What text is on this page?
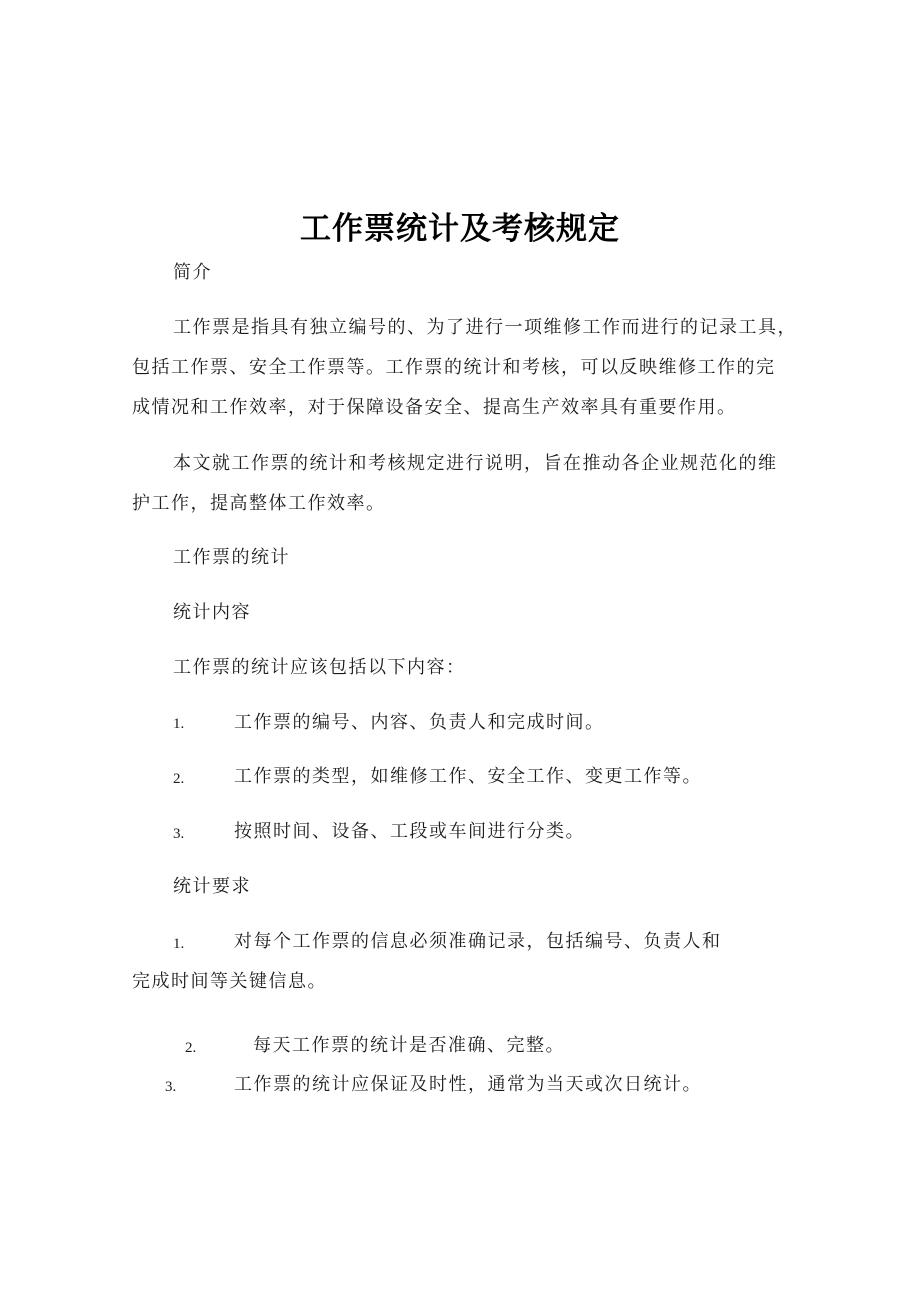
工作票统计及考核规定
简介
工作票是指具有独立编号的、为了进行一项维修工作而进行的记录工具，
包括工作票、安全工作票等。工作票的统计和考核，可以反映维修工作的完
成情况和工作效率，对于保障设备安全、提高生产效率具有重要作用。
本文就工作票的统计和考核规定进行说明，旨在推动各企业规范化的维
护工作，提高整体工作效率。
工作票的统计
统计内容
工作票的统计应该包括以下内容：
1.	工作票的编号、内容、负责人和完成时间。
2.	工作票的类型，如维修工作、安全工作、变更工作等。
3.	按照时间、设备、工段或车间进行分类。
统计要求
1.	对每个工作票的信息必须准确记录，包括编号、负责人和
完成时间等关键信息。
2.	每天工作票的统计是否准确、完整。
3.	工作票的统计应保证及时性，通常为当天或次日统计。
